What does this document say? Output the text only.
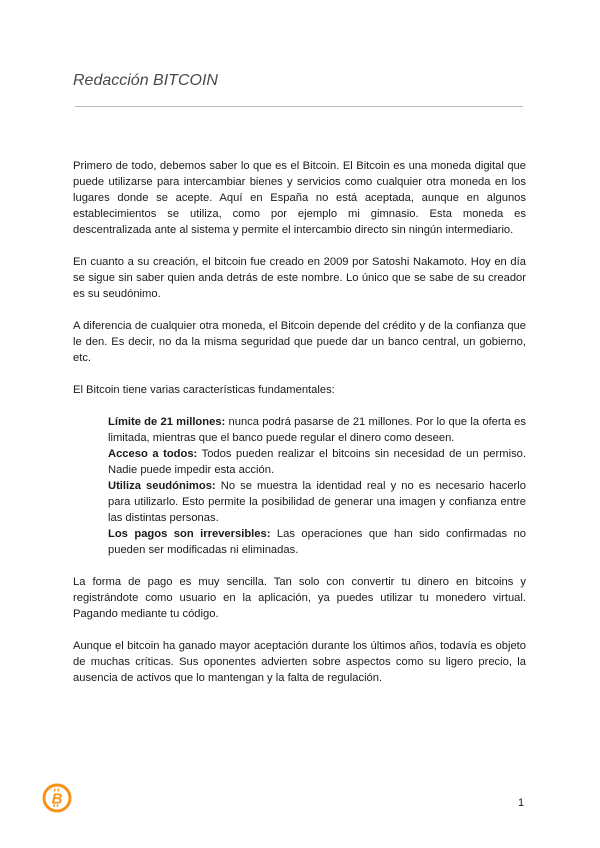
Redacción BITCOIN

Primero de todo, debemos saber lo que es el Bitcoin. El Bitcoin es una moneda digital que puede utilizarse para intercambiar bienes y servicios como cualquier otra moneda en los lugares donde se acepte. Aquí en España no está aceptada, aunque en algunos establecimientos se utiliza, como por ejemplo mi gimnasio. Esta moneda es descentralizada ante al sistema y permite el intercambio directo sin ningún intermediario.

En cuanto a su creación, el bitcoin fue creado en 2009 por Satoshi Nakamoto. Hoy en día se sigue sin saber quien anda detrás de este nombre. Lo único que se sabe de su creador es su seudónimo.

A diferencia de cualquier otra moneda, el Bitcoin depende del crédito y de la confianza que le den. Es decir, no da la misma seguridad que puede dar un banco central, un gobierno, etc.

El Bitcoin tiene varias características fundamentales:

Límite de 21 millones: nunca podrá pasarse de 21 millones. Por lo que la oferta es limitada, mientras que el banco puede regular el dinero como deseen.
Acceso a todos: Todos pueden realizar el bitcoins sin necesidad de un permiso. Nadie puede impedir esta acción.
Utiliza seudónimos: No se muestra la identidad real y no es necesario hacerlo para utilizarlo. Esto permite la posibilidad de generar una imagen y confianza entre las distintas personas.
Los pagos son irreversibles: Las operaciones que han sido confirmadas no pueden ser modificadas ni eliminadas.

La forma de pago es muy sencilla. Tan solo con convertir tu dinero en bitcoins y registrándote como usuario en la aplicación, ya puedes utilizar tu monedero virtual. Pagando mediante tu código.

Aunque el bitcoin ha ganado mayor aceptación durante los últimos años, todavía es objeto de muchas críticas. Sus oponentes advierten sobre aspectos como su ligero precio, la ausencia de activos que lo mantengan y la falta de regulación.

B	1
